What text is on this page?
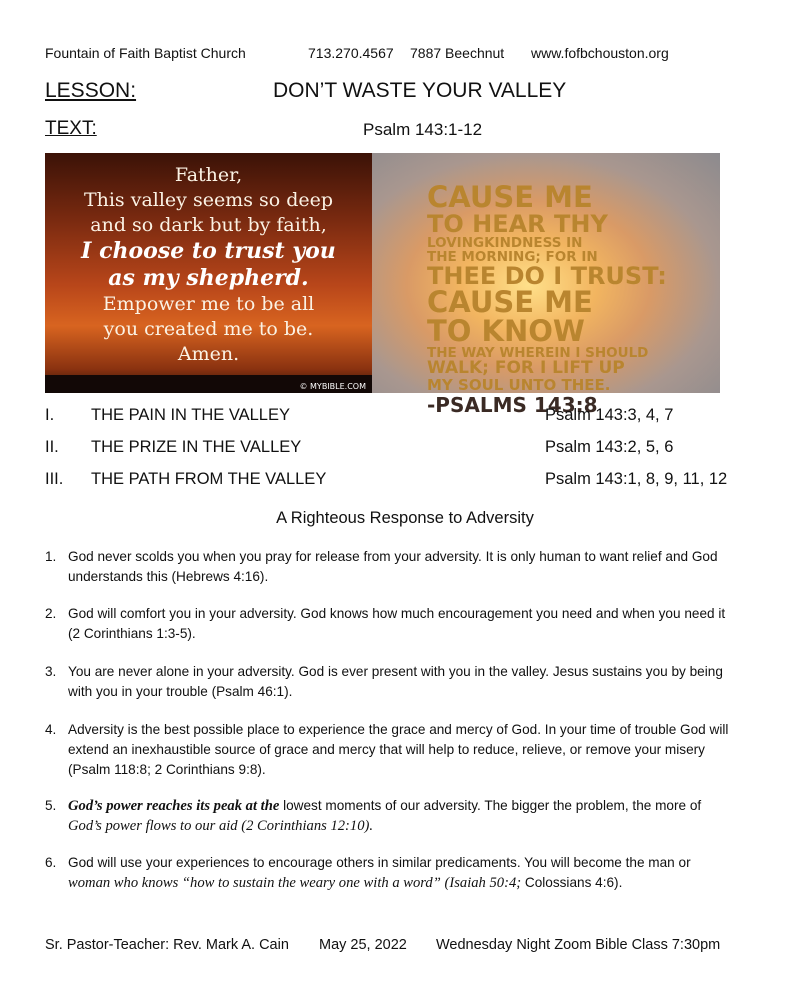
Fountain of Faith Baptist Church	713.270.4567 7887 Beechnut www.fofbchouston.org
LESSON:	DON’T WASTE YOUR VALLEY
TEXT:	Psalm 143:1-12
Father,
This valley seems so deep
and so dark but by faith,
I choose to trust you
as my shepherd.
Empower me to be all
you created me to be.
Amen.
© MYBIBLE.COM
CAUSE ME
TO HEAR THY
LOVINGKINDNESS IN
THE MORNING; FOR IN
THEE DO I TRUST:
CAUSE ME
TO KNOW
THE WAY WHEREIN I SHOULD
WALK; FOR I LIFT UP
MY SOUL UNTO THEE.
-PSALMS 143:8
I. THE PAIN IN THE VALLEY	Psalm 143:3, 4, 7
II. THE PRIZE IN THE VALLEY	Psalm 143:2, 5, 6
III. THE PATH FROM THE VALLEY	Psalm 143:1, 8, 9, 11, 12
A Righteous Response to Adversity
1. God never scolds you when you pray for release from your adversity. It is only human to want relief and God understands this (Hebrews 4:16).
2. God will comfort you in your adversity. God knows how much encouragement you need and when you need it (2 Corinthians 1:3-5).
3. You are never alone in your adversity. God is ever present with you in the valley. Jesus sustains you by being with you in your trouble (Psalm 46:1).
4. Adversity is the best possible place to experience the grace and mercy of God. In your time of trouble God will extend an inexhaustible source of grace and mercy that will help to reduce, relieve, or remove your misery (Psalm 118:8; 2 Corinthians 9:8).
5. God’s power reaches its peak at the lowest moments of our adversity. The bigger the problem, the more of
God’s power flows to our aid (2 Corinthians 12:10).
6. God will use your experiences to encourage others in similar predicaments. You will become the man or
woman who knows “how to sustain the weary one with a word” (Isaiah 50:4; Colossians 4:6).
Sr. Pastor-Teacher: Rev. Mark A. Cain May 25, 2022 Wednesday Night Zoom Bible Class 7:30pm
